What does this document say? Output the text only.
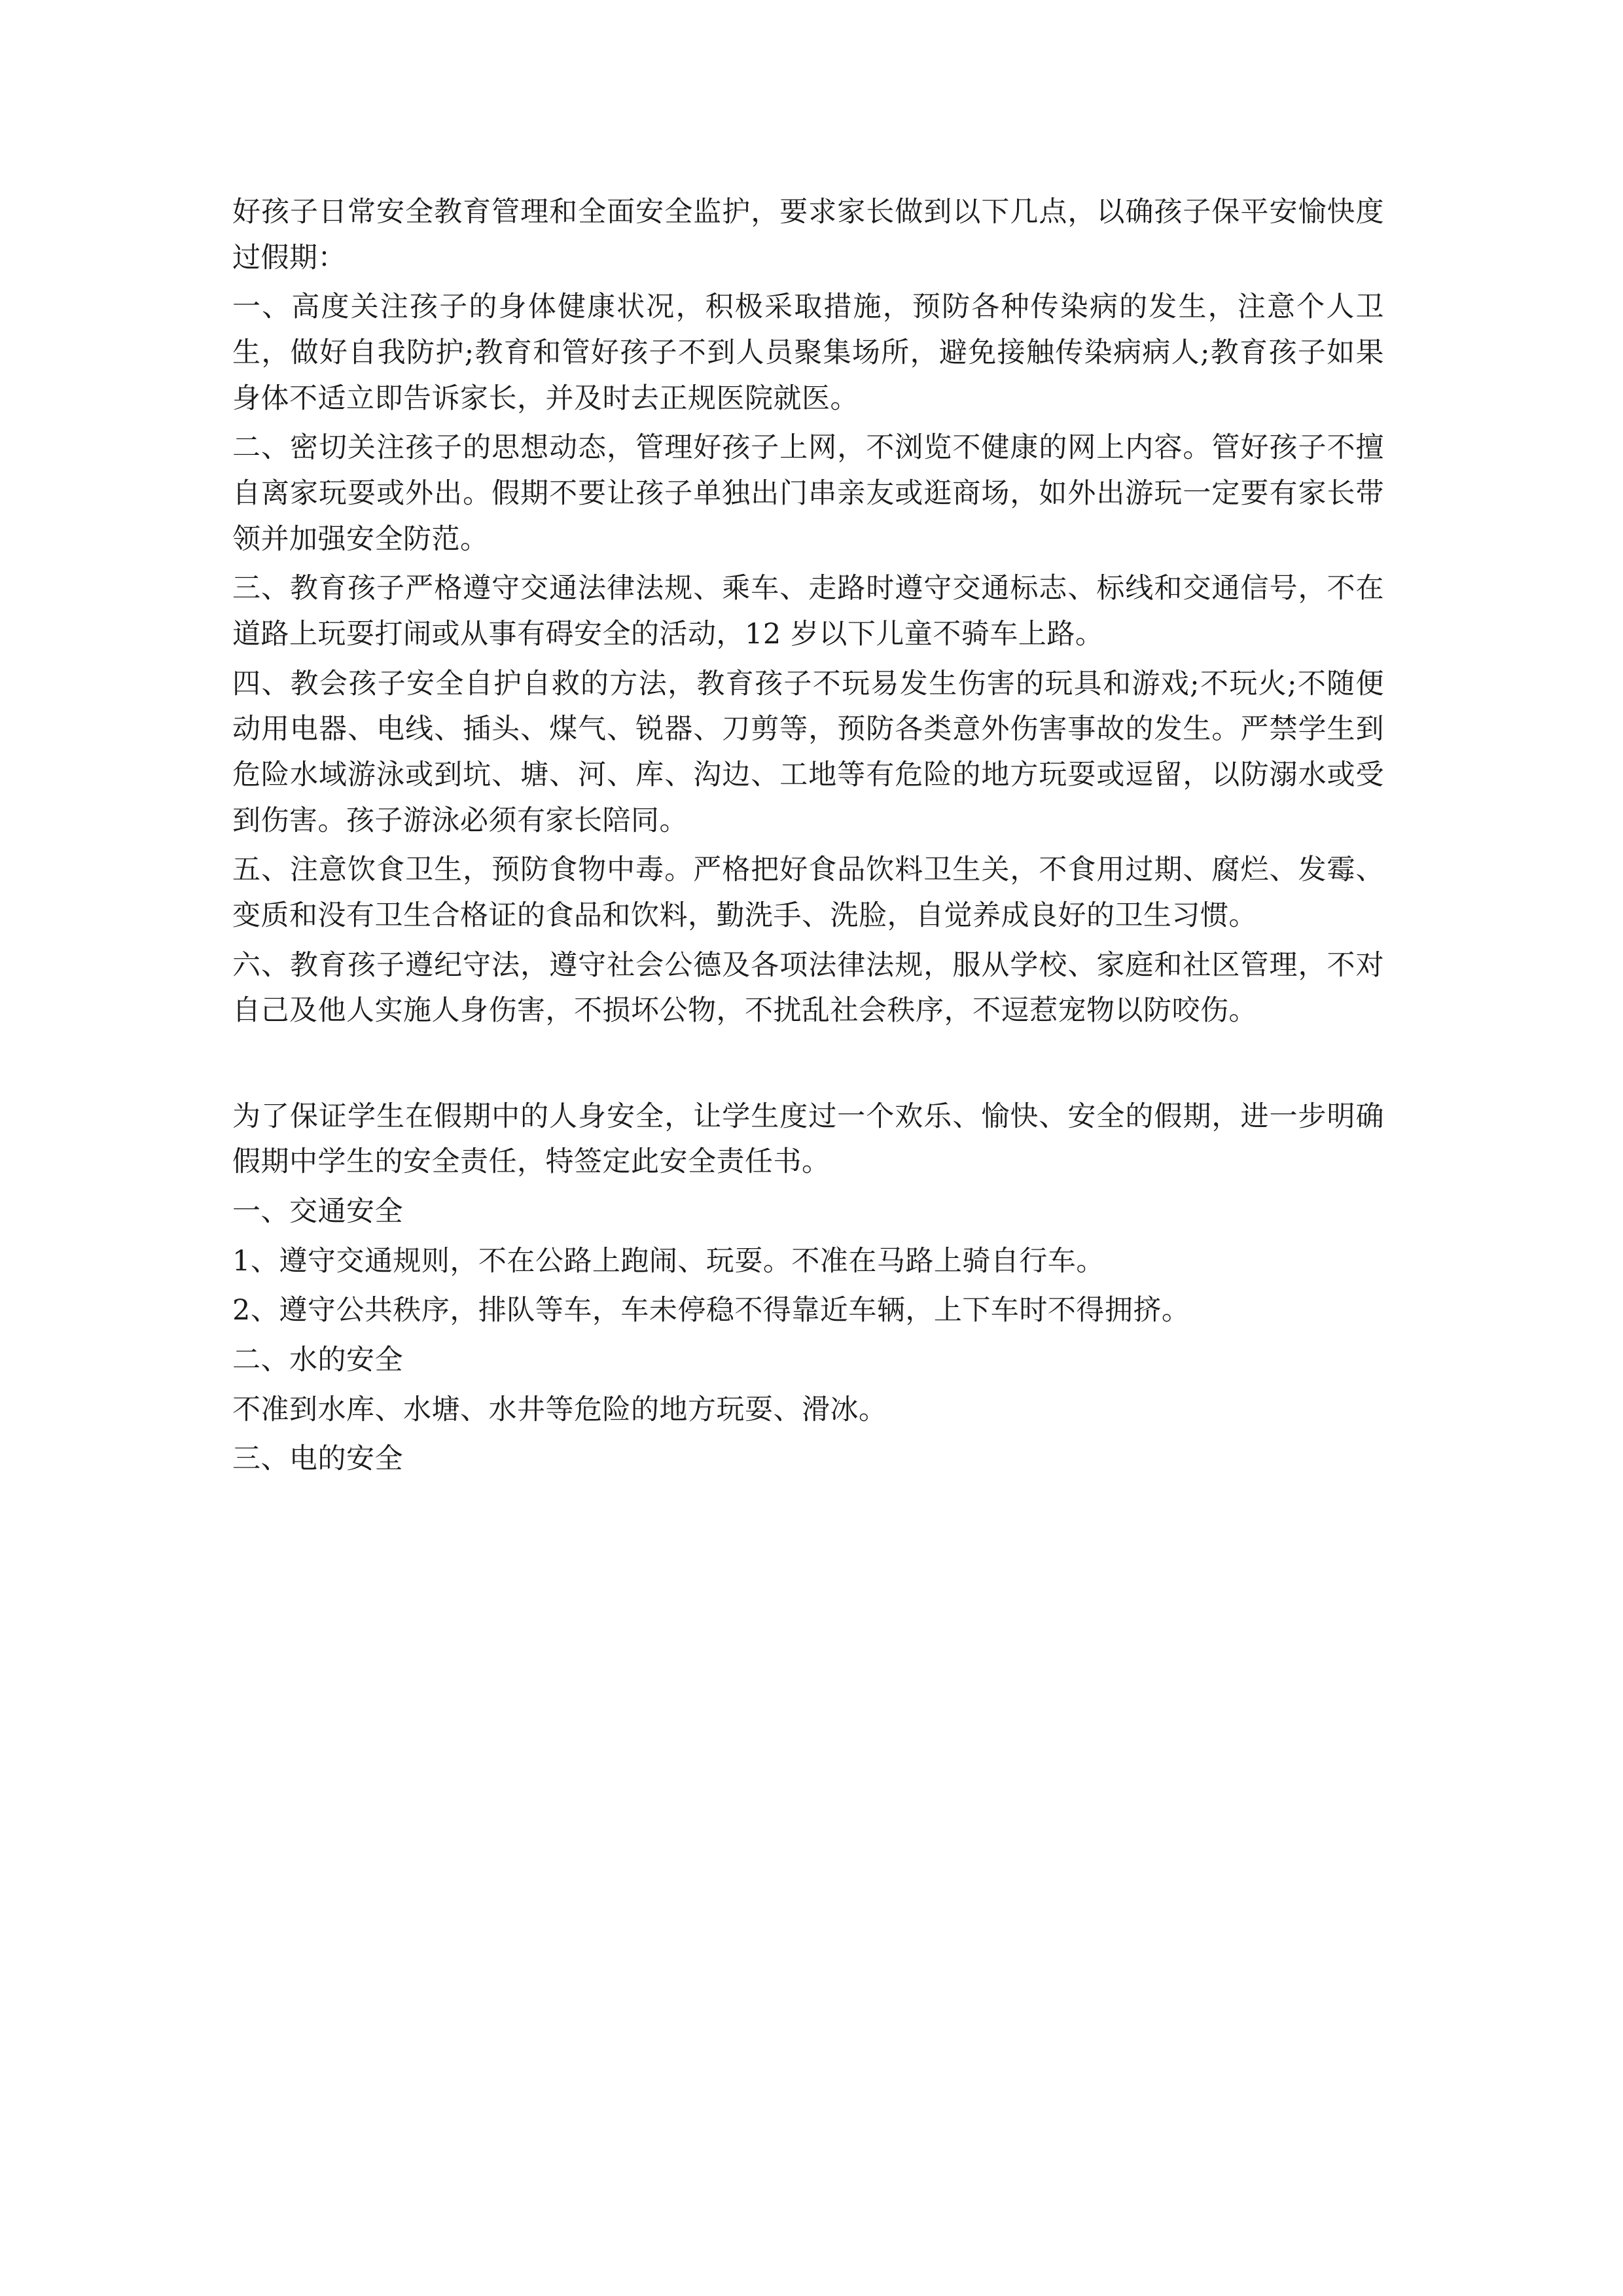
好孩子日常安全教育管理和全面安全监护，要求家长做到以下几点，以确孩子保平安愉快度过假期：

一、高度关注孩子的身体健康状况，积极采取措施，预防各种传染病的发生，注意个人卫生，做好自我防护;教育和管好孩子不到人员聚集场所，避免接触传染病病人;教育孩子如果身体不适立即告诉家长，并及时去正规医院就医。

二、密切关注孩子的思想动态，管理好孩子上网，不浏览不健康的网上内容。管好孩子不擅自离家玩耍或外出。假期不要让孩子单独出门串亲友或逛商场，如外出游玩一定要有家长带领并加强安全防范。

三、教育孩子严格遵守交通法律法规、乘车、走路时遵守交通标志、标线和交通信号，不在道路上玩耍打闹或从事有碍安全的活动，12 岁以下儿童不骑车上路。

四、教会孩子安全自护自救的方法，教育孩子不玩易发生伤害的玩具和游戏;不玩火;不随便动用电器、电线、插头、煤气、锐器、刀剪等，预防各类意外伤害事故的发生。严禁学生到危险水域游泳或到坑、塘、河、库、沟边、工地等有危险的地方玩耍或逗留，以防溺水或受到伤害。孩子游泳必须有家长陪同。

五、注意饮食卫生，预防食物中毒。严格把好食品饮料卫生关，不食用过期、腐烂、发霉、变质和没有卫生合格证的食品和饮料，勤洗手、洗脸，自觉养成良好的卫生习惯。

六、教育孩子遵纪守法，遵守社会公德及各项法律法规，服从学校、家庭和社区管理，不对自己及他人实施人身伤害，不损坏公物，不扰乱社会秩序，不逗惹宠物以防咬伤。

为了保证学生在假期中的人身安全，让学生度过一个欢乐、愉快、安全的假期，进一步明确假期中学生的安全责任，特签定此安全责任书。

一、交通安全

1、遵守交通规则，不在公路上跑闹、玩耍。不准在马路上骑自行车。

2、遵守公共秩序，排队等车，车未停稳不得靠近车辆，上下车时不得拥挤。

二、水的安全

不准到水库、水塘、水井等危险的地方玩耍、滑冰。

三、电的安全
